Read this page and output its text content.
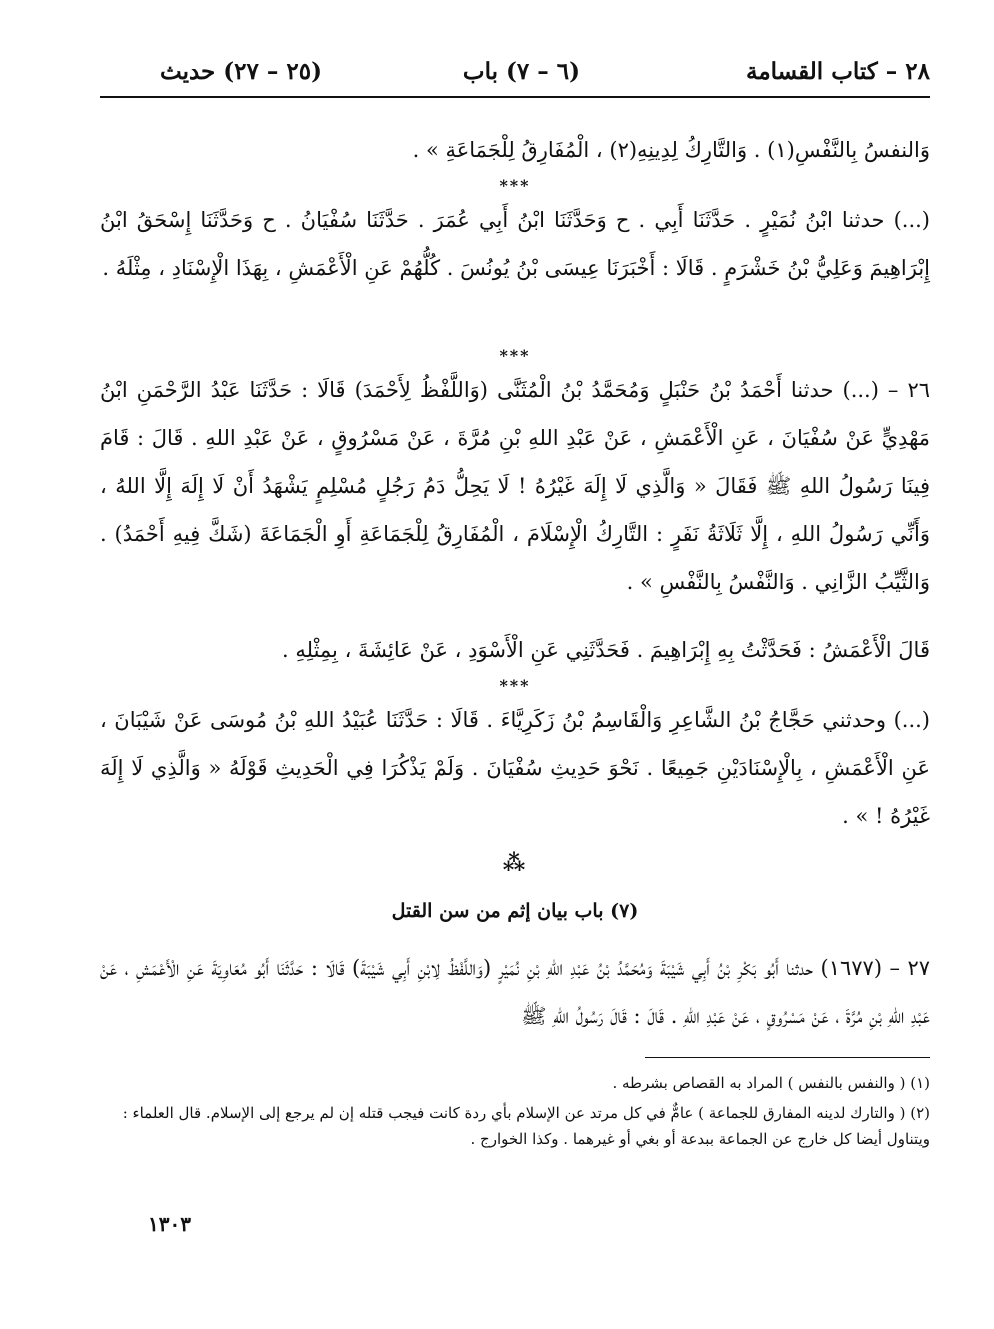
٢٨ – كتاب القسامة
(٦ – ٧) باب
(٢٥ – ٢٧) حديث
وَالنفسُ بِالنَّفْسِ(١) . وَالتَّارِكُ لِدِينِهِ(٢) ، الْمُفَارِقُ لِلْجَمَاعَةِ » .
***
(...) حدثنا ابْنُ نُمَيْرٍ . حَدَّثَنَا أَبِي . ح وَحَدَّثَنَا ابْنُ أَبِي عُمَرَ . حَدَّثَنَا سُفْيَانُ . ح وَحَدَّثَنَا إِسْحَقُ ابْنُ إِبْرَاهِيمَ وَعَلِيُّ بْنُ خَشْرَمٍ . قَالَا : أَخْبَرَنَا عِيسَى بْنُ يُونُسَ . كُلُّهُمْ عَنِ الْأَعْمَشِ ، بِهَذَا الْإِسْنَادِ ، مِثْلَهُ .
***
٢٦ – (...) حدثنا أَحْمَدُ بْنُ حَنْبَلٍ وَمُحَمَّدُ بْنُ الْمُثَنَّى (وَاللَّفْظُ لِأَحْمَدَ) قَالَا : حَدَّثَنَا عَبْدُ الرَّحْمَنِ ابْنُ مَهْدِيٍّ عَنْ سُفْيَانَ ، عَنِ الْأَعْمَشِ ، عَنْ عَبْدِ اللهِ بْنِ مُرَّةَ ، عَنْ مَسْرُوقٍ ، عَنْ عَبْدِ اللهِ . قَالَ : قَامَ فِينَا رَسُولُ اللهِ ﷺ فَقَالَ « وَالَّذِي لَا إِلَهَ غَيْرُهُ ! لَا يَحِلُّ دَمُ رَجُلٍ مُسْلِمٍ يَشْهَدُ أَنْ لَا إِلَهَ إِلَّا اللهُ ، وَأَنِّي رَسُولُ اللهِ ، إِلَّا ثَلَاثَةُ نَفَرٍ : التَّارِكُ الْإِسْلَامَ ، الْمُفَارِقُ لِلْجَمَاعَةِ أَوِ الْجَمَاعَةَ (شَكَّ فِيهِ أَحْمَدُ) . وَالثَّيِّبُ الزَّانِي . وَالنَّفْسُ بِالنَّفْسِ » .
قَالَ الْأَعْمَشُ : فَحَدَّثْتُ بِهِ إِبْرَاهِيمَ . فَحَدَّثَنِي عَنِ الْأَسْوَدِ ، عَنْ عَائِشَةَ ، بِمِثْلِهِ .
***
(...) وحدثني حَجَّاجُ بْنُ الشَّاعِرِ وَالْقَاسِمُ بْنُ زَكَرِيَّاءَ . قَالَا : حَدَّثَنَا عُبَيْدُ اللهِ بْنُ مُوسَى عَنْ شَيْبَانَ ، عَنِ الْأَعْمَشِ ، بِالْإِسْنَادَيْنِ جَمِيعًا . نَحْوَ حَدِيثِ سُفْيَانَ . وَلَمْ يَذْكُرَا فِي الْحَدِيثِ قَوْلَهُ « وَالَّذِي لَا إِلَهَ غَيْرُهُ ! » .
⁂
(٧) باب بيان إثم من سن القتل
٢٧ – (١٦٧٧) حدثنا أَبُو بَكْرِ بْنُ أَبِي شَيْبَةَ وَمُحَمَّدُ بْنُ عَبْدِ اللهِ بْنِ نُمَيْرٍ (وَاللَّفْظُ لِابْنِ أَبِي شَيْبَةَ) قَالَا : حَدَّثَنَا أَبُو مُعَاوِيَةَ عَنِ الْأَعْمَشِ ، عَنْ عَبْدِ اللهِ بْنِ مُرَّةَ ، عَنْ مَسْرُوقٍ ، عَنْ عَبْدِ اللهِ . قَالَ : قَالَ رَسُولُ اللهِ ﷺ
(١) ( والنفس بالنفس ) المراد به القصاص بشرطه .
(٢) ( والتارك لدينه المفارق للجماعة ) عامٌّ في كل مرتد عن الإسلام بأي ردة كانت فيجب قتله إن لم يرجع إلى الإسلام. قال العلماء : ويتناول أيضا كل خارج عن الجماعة ببدعة أو بغي أو غيرهما . وكذا الخوارج .
١٣٠٣
